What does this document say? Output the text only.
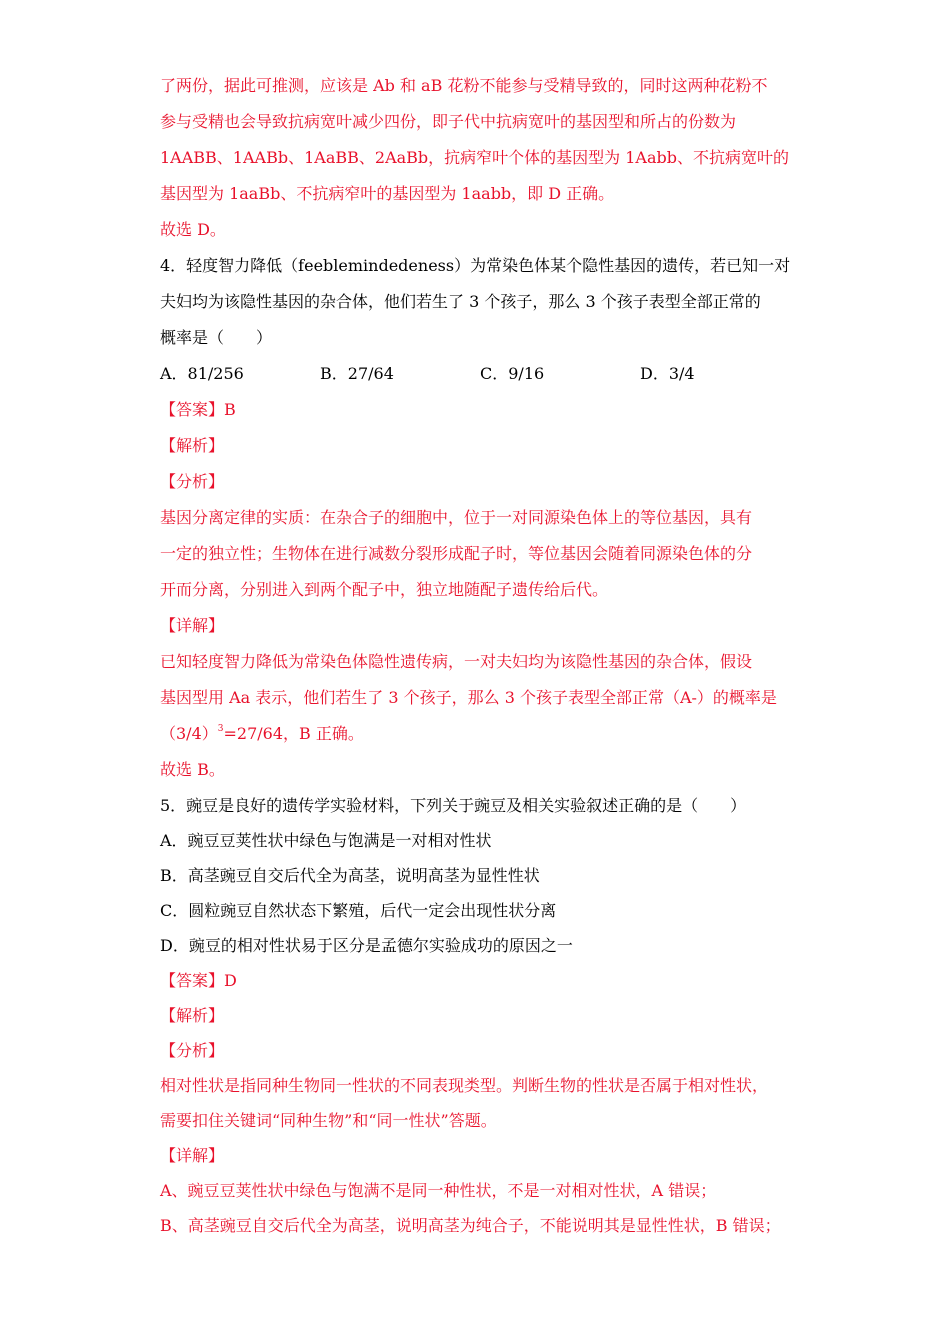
了两份，据此可推测，应该是 Ab 和 aB 花粉不能参与受精导致的，同时这两种花粉不
参与受精也会导致抗病宽叶减少四份，即子代中抗病宽叶的基因型和所占的份数为
1AABB、1AABb、1AaBB、2AaBb，抗病窄叶个体的基因型为 1Aabb、不抗病宽叶的
基因型为 1aaBb、不抗病窄叶的基因型为 1aabb，即 D 正确。
故选 D。
4．轻度智力降低（feeblemindedeness）为常染色体某个隐性基因的遗传，若已知一对
夫妇均为该隐性基因的杂合体，他们若生了 3 个孩子，那么 3 个孩子表型全部正常的
概率是（　　）
A．81/256	B．27/64	C．9/16	D．3/4
【答案】B
【解析】
【分析】
基因分离定律的实质：在杂合子的细胞中，位于一对同源染色体上的等位基因，具有
一定的独立性；生物体在进行减数分裂形成配子时，等位基因会随着同源染色体的分
开而分离，分别进入到两个配子中，独立地随配子遗传给后代。
【详解】
已知轻度智力降低为常染色体隐性遗传病，一对夫妇均为该隐性基因的杂合体，假设
基因型用 Aa 表示，他们若生了 3 个孩子，那么 3 个孩子表型全部正常（A-）的概率是
$(3/4)^3=27/64$，B 正确。
故选 B。
5．豌豆是良好的遗传学实验材料，下列关于豌豆及相关实验叙述正确的是（　　）
A．豌豆豆荚性状中绿色与饱满是一对相对性状
B．高茎豌豆自交后代全为高茎，说明高茎为显性性状
C．圆粒豌豆自然状态下繁殖，后代一定会出现性状分离
D．豌豆的相对性状易于区分是孟德尔实验成功的原因之一
【答案】D
【解析】
【分析】
相对性状是指同种生物同一性状的不同表现类型。判断生物的性状是否属于相对性状，
需要扣住关键词“同种生物”和“同一性状”答题。
【详解】
A、豌豆豆荚性状中绿色与饱满不是同一种性状，不是一对相对性状，A 错误；
B、高茎豌豆自交后代全为高茎，说明高茎为纯合子，不能说明其是显性性状，B 错误；
